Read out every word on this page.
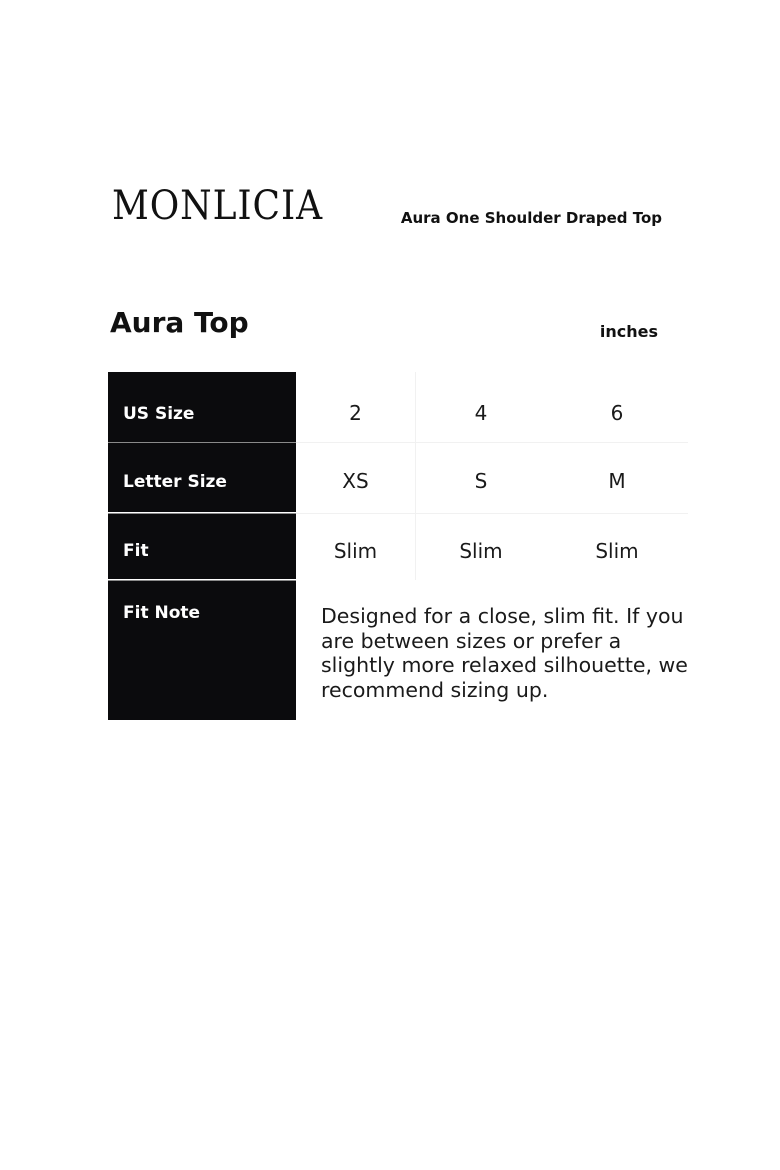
MONLICIA	Aura One Shoulder Draped Top
Aura Top	inches
US Size	2	4	6
Letter Size	XS	S	M
Fit	Slim	Slim	Slim
Fit Note	Designed for a close, slim fit. If you are between sizes or prefer a slightly more relaxed silhouette, we recommend sizing up.
